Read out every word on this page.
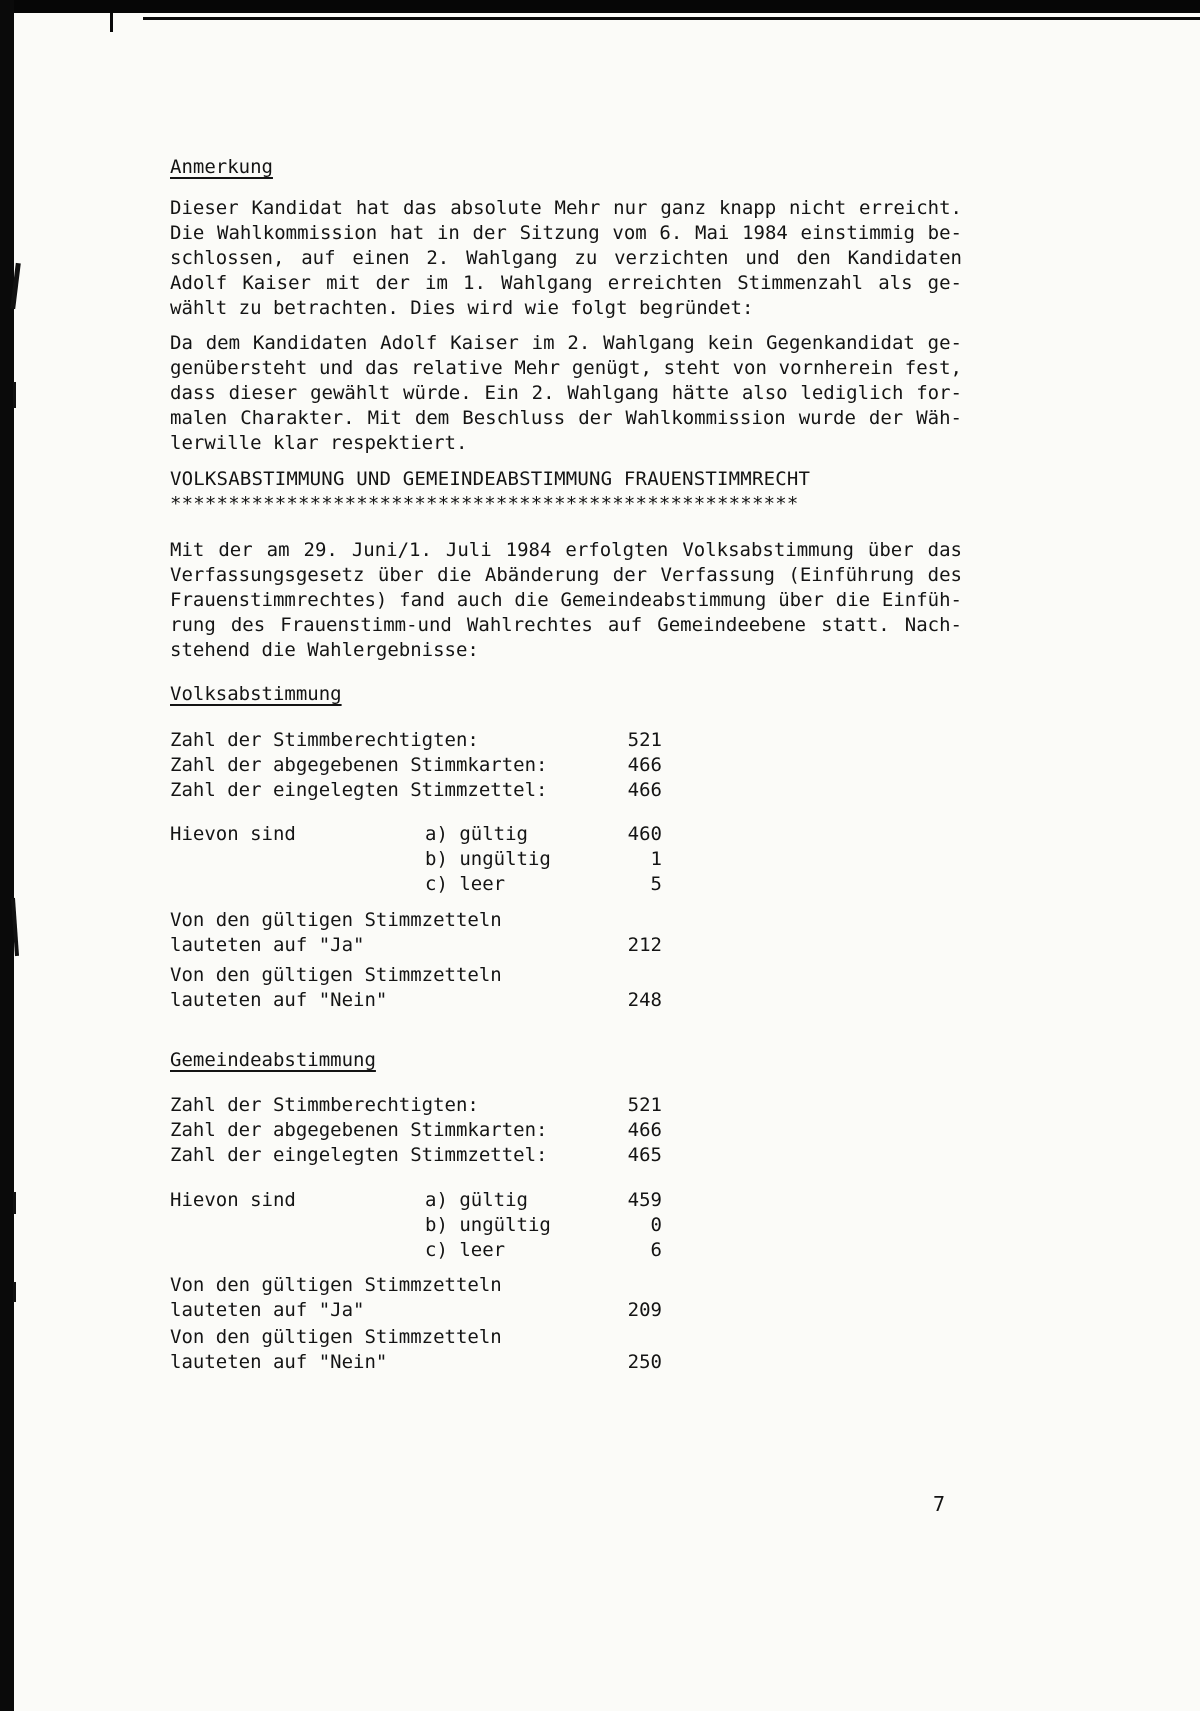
Anmerkung
Dieser Kandidat hat das absolute Mehr nur ganz knapp nicht erreicht.
Die Wahlkommission hat in der Sitzung vom 6. Mai 1984 einstimmig be-
schlossen, auf einen 2. Wahlgang zu verzichten und den Kandidaten
Adolf Kaiser mit der im 1. Wahlgang erreichten Stimmenzahl als ge-
wählt zu betrachten. Dies wird wie folgt begründet:
Da dem Kandidaten Adolf Kaiser im 2. Wahlgang kein Gegenkandidat ge-
genübersteht und das relative Mehr genügt, steht von vornherein fest,
dass dieser gewählt würde. Ein 2. Wahlgang hätte also lediglich for-
malen Charakter. Mit dem Beschluss der Wahlkommission wurde der Wäh-
lerwille klar respektiert.
VOLKSABSTIMMUNG UND GEMEINDEABSTIMMUNG FRAUENSTIMMRECHT
******************************************************
Mit der am 29. Juni/1. Juli 1984 erfolgten Volksabstimmung über das
Verfassungsgesetz über die Abänderung der Verfassung (Einführung des
Frauenstimmrechtes) fand auch die Gemeindeabstimmung über die Einfüh-
rung des Frauenstimm-und Wahlrechtes auf Gemeindeebene statt. Nach-
stehend die Wahlergebnisse:
Volksabstimmung
Zahl der Stimmberechtigten:	521
Zahl der abgegebenen Stimmkarten:	466
Zahl der eingelegten Stimmzettel:	466
Hievon sind	a) gültig	460
b) ungültig	1
c) leer	5
Von den gültigen Stimmzetteln
lauteten auf "Ja"	212
Von den gültigen Stimmzetteln
lauteten auf "Nein"	248
Gemeindeabstimmung
Zahl der Stimmberechtigten:	521
Zahl der abgegebenen Stimmkarten:	466
Zahl der eingelegten Stimmzettel:	465
Hievon sind	a) gültig	459
b) ungültig	0
c) leer	6
Von den gültigen Stimmzetteln
lauteten auf "Ja"	209
Von den gültigen Stimmzetteln
lauteten auf "Nein"	250
7
